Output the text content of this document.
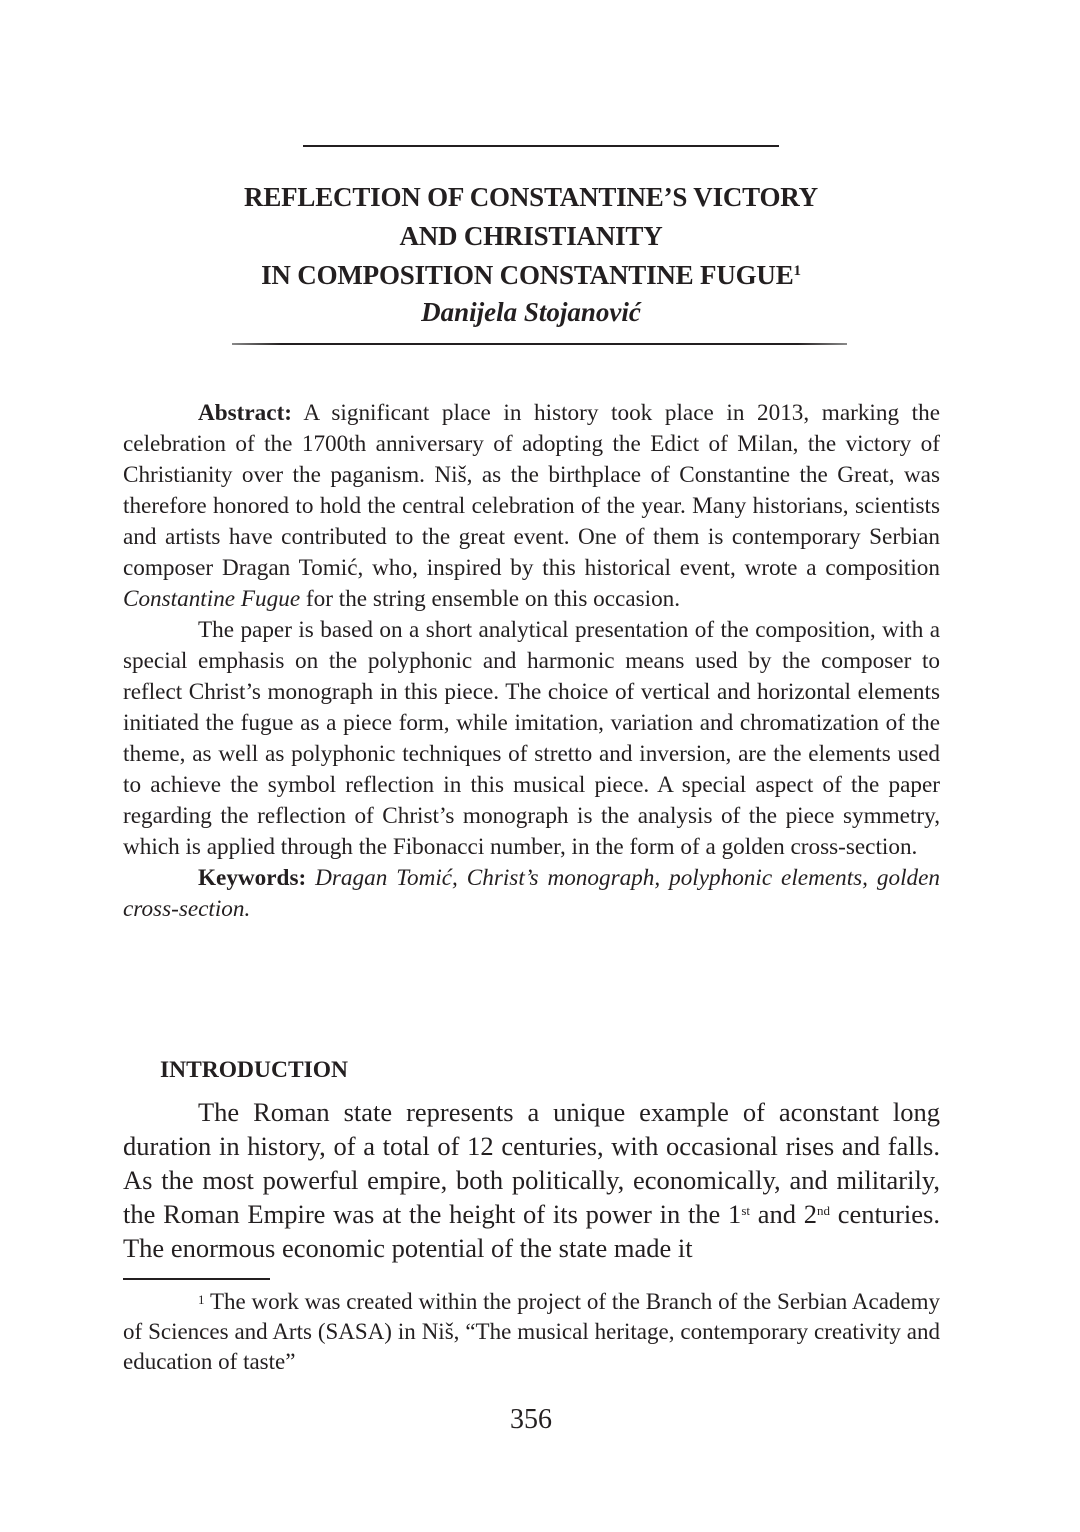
REFLECTION OF CONSTANTINE’S VICTORY
AND CHRISTIANITY
IN COMPOSITION CONSTANTINE FUGUE$^1$
Danijela Stojanović

Abstract: A significant place in history took place in 2013, marking the celebration of the 1700th anniversary of adopting the Edict of Milan, the victory of Christianity over the paganism. Niš, as the birthplace of Constantine the Great, was therefore honored to hold the central celebration of the year. Many historians, scientists and artists have contributed to the great event. One of them is contemporary Serbian composer Dragan Tomić, who, inspired by this historical event, wrote a composition Constantine Fugue for the string ensemble on this occasion.

The paper is based on a short analytical presentation of the composition, with a special emphasis on the polyphonic and harmonic means used by the composer to reflect Christ’s monograph in this piece. The choice of vertical and horizontal elements initiated the fugue as a piece form, while imitation, variation and chromatization of the theme, as well as polyphonic techniques of stretto and inversion, are the elements used to achieve the symbol reflection in this musical piece. A special aspect of the paper regarding the reflection of Christ’s monograph is the analysis of the piece symmetry, which is applied through the Fibonacci number, in the form of a golden cross-section.

Keywords: Dragan Tomić, Christ’s monograph, polyphonic elements, golden cross-section.

INTRODUCTION

The Roman state represents a unique example of aconstant long duration in history, of a total of 12 centuries, with occasional rises and falls. As the most powerful empire, both politically, economically, and militarily, the Roman Empire was at the height of its power in the 1st and 2nd centuries. The enormous economic potential of the state made it

$^1$ The work was created within the project of the Branch of the Serbian Academy of Sciences and Arts (SASA) in Niš, “The musical heritage, contemporary creativity and education of taste”

356
